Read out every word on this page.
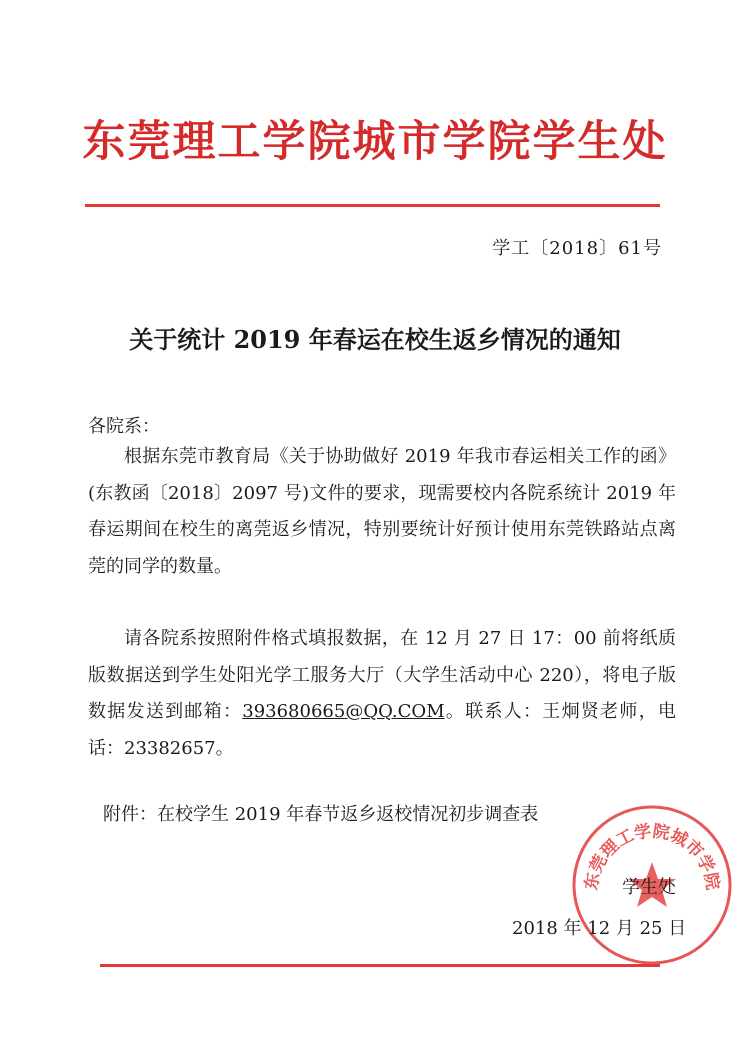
东莞理工学院城市学院学生处
学工〔2018〕61号
关于统计 2019 年春运在校生返乡情况的通知
各院系：
根据东莞市教育局《关于协助做好 2019 年我市春运相关工作的函》(东教函〔2018〕2097 号)文件的要求，现需要校内各院系统计 2019 年春运期间在校生的离莞返乡情况，特别要统计好预计使用东莞铁路站点离莞的同学的数量。
请各院系按照附件格式填报数据，在 12 月 27 日 17：00 前将纸质版数据送到学生处阳光学工服务大厅（大学生活动中心 220），将电子版数据发送到邮箱：393680665@QQ.COM。联系人：王炯贤老师，电话：23382657。
附件：在校学生 2019 年春节返乡返校情况初步调查表
东莞理工学院城市学院
学生处
2018 年 12 月 25 日
